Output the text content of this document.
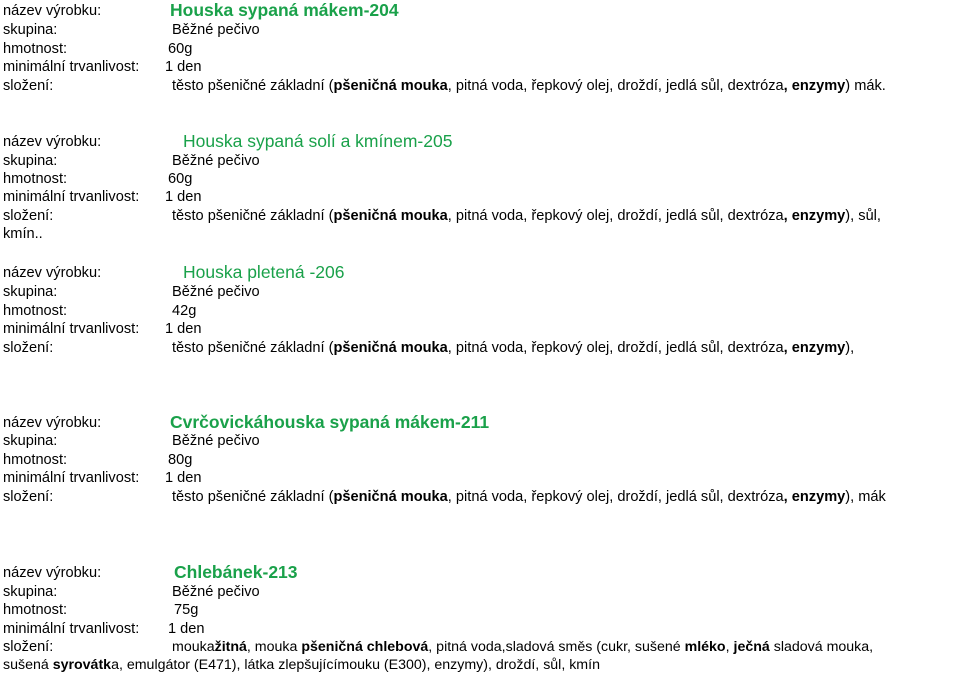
název výrobku:	Houska sypaná mákem-204
skupina:	Běžné pečivo
hmotnost:	60g
minimální trvanlivost: 1 den
složení:	těsto pšeničné základní (pšeničná mouka, pitná voda, řepkový olej, droždí, jedlá sůl, dextróza, enzymy) mák.
název výrobku:	Houska sypaná solí a kmínem-205
skupina:	Běžné pečivo
hmotnost:	60g
minimální trvanlivost: 1 den
složení:	těsto pšeničné základní (pšeničná mouka, pitná voda, řepkový olej, droždí, jedlá sůl, dextróza, enzymy), sůl,
kmín..
název výrobku:	Houska pletená -206
skupina:	Běžné pečivo
hmotnost:	42g
minimální trvanlivost: 1 den
složení:	těsto pšeničné základní (pšeničná mouka, pitná voda, řepkový olej, droždí, jedlá sůl, dextróza, enzymy),
název výrobku:	Cvrčovickáhouska sypaná mákem-211
skupina:	Běžné pečivo
hmotnost:	80g
minimální trvanlivost: 1 den
složení:	těsto pšeničné základní (pšeničná mouka, pitná voda, řepkový olej, droždí, jedlá sůl, dextróza, enzymy), mák
název výrobku:	Chlebánek-213
skupina:	Běžné pečivo
hmotnost:	75g
minimální trvanlivost: 1 den
složení:	moukažitná, mouka pšeničná chlebová, pitná voda,sladová směs (cukr, sušené mléko, ječná sladová mouka,
sušená syrovátka, emulgátor (E471), látka zlepšujícímouku (E300), enzymy), droždí, sůl, kmín
